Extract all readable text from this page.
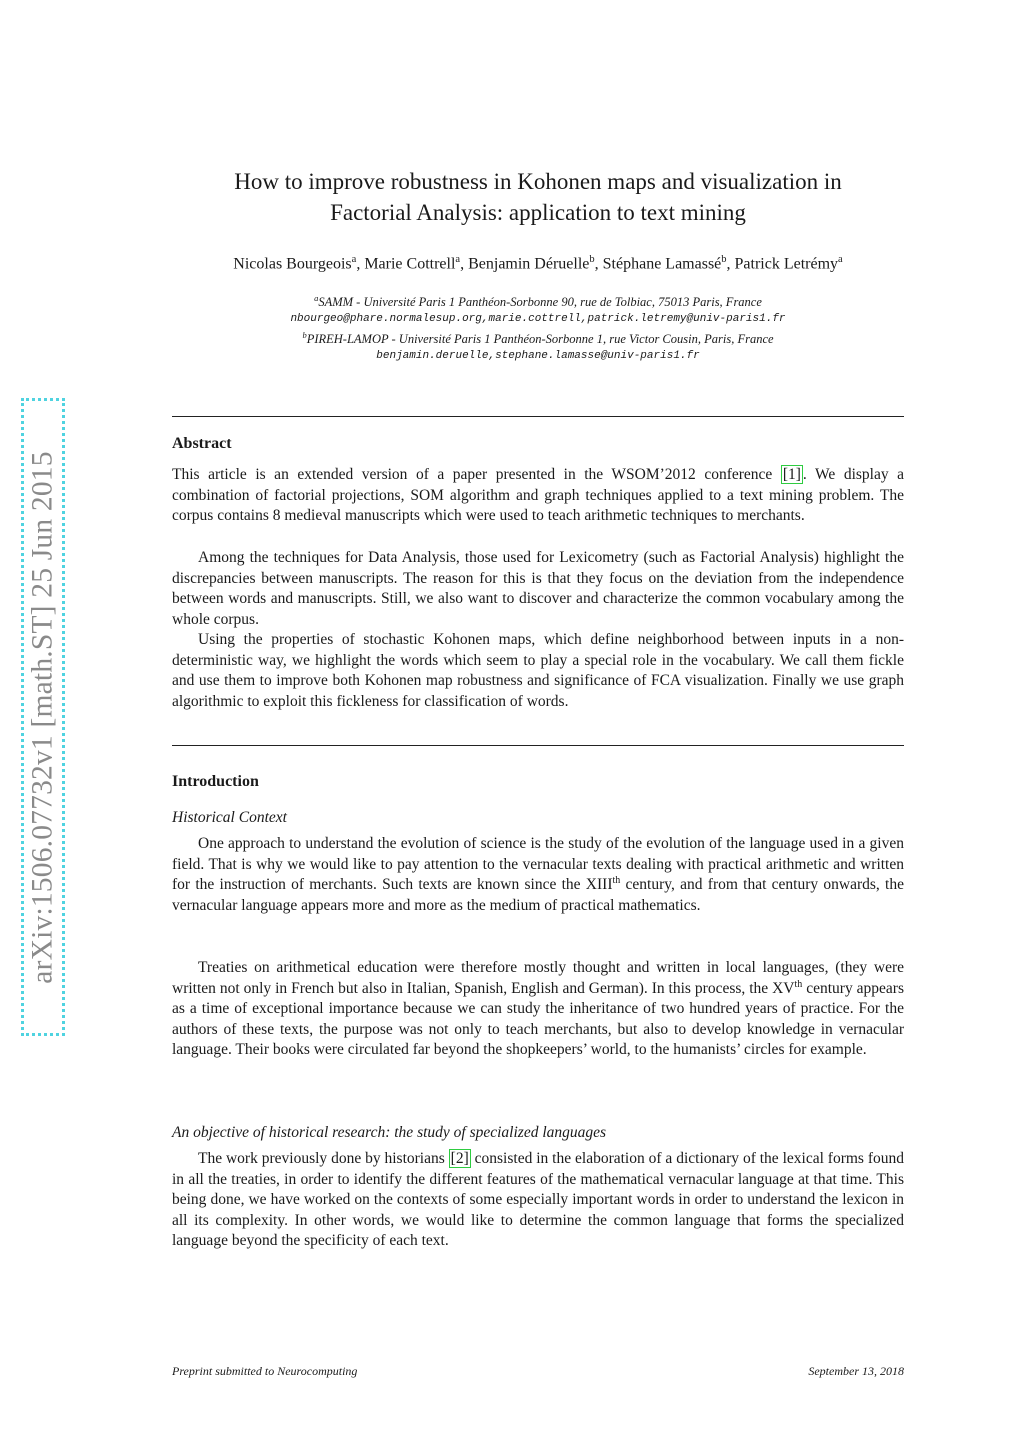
arXiv:1506.07732v1 [math.ST] 25 Jun 2015
How to improve robustness in Kohonen maps and visualization in
Factorial Analysis: application to text mining
Nicolas Bourgeois$^a$, Marie Cottrell$^a$, Benjamin Déruelle$^b$, Stéphane Lamassé$^b$, Patrick Letrémy$^a$
$^a$SAMM - Université Paris 1 Panthéon-Sorbonne 90, rue de Tolbiac, 75013 Paris, France
nbourgeo@phare.normalesup.org,marie.cottrell,patrick.letremy@univ-paris1.fr
$^b$PIREH-LAMOP - Université Paris 1 Panthéon-Sorbonne 1, rue Victor Cousin, Paris, France
benjamin.deruelle,stephane.lamasse@univ-paris1.fr
Abstract

This article is an extended version of a paper presented in the WSOM’2012 conference [1] . We display a combination of factorial projections, SOM algorithm and graph techniques applied to a text mining problem. The corpus contains 8 medieval manuscripts which were used to teach arithmetic techniques to merchants.

Among the techniques for Data Analysis, those used for Lexicometry (such as Factorial Analysis) highlight the discrepancies between manuscripts. The reason for this is that they focus on the deviation from the independence between words and manuscripts. Still, we also want to discover and characterize the common vocabulary among the whole corpus.

Using the properties of stochastic Kohonen maps, which define neighborhood between inputs in a non-deterministic way, we highlight the words which seem to play a special role in the vocabulary. We call them fickle and use them to improve both Kohonen map robustness and significance of FCA visualization. Finally we use graph algorithmic to exploit this fickleness for classification of words.

Introduction
Historical Context

One approach to understand the evolution of science is the study of the evolution of the language used in a given field. That is why we would like to pay attention to the vernacular texts dealing with practical arithmetic and written for the instruction of merchants. Such texts are known since the XIIIth century, and from that century onwards, the vernacular language appears more and more as the medium of practical mathematics.

Treaties on arithmetical education were therefore mostly thought and written in local languages, (they were written not only in French but also in Italian, Spanish, English and German). In this process, the XVth century appears as a time of exceptional importance because we can study the inheritance of two hundred years of practice. For the authors of these texts, the purpose was not only to teach merchants, but also to develop knowledge in vernacular language. Their books were circulated far beyond the shopkeepers’ world, to the humanists’ circles for example.

An objective of historical research: the study of specialized languages

The work previously done by historians [2] consisted in the elaboration of a dictionary of the lexical forms found in all the treaties, in order to identify the different features of the mathematical vernacular language at that time. This being done, we have worked on the contexts of some especially important words in order to understand the lexicon in all its complexity. In other words, we would like to determine the common language that forms the specialized language beyond the specificity of each text.

Preprint submitted to Neurocomputing	September 13, 2018
